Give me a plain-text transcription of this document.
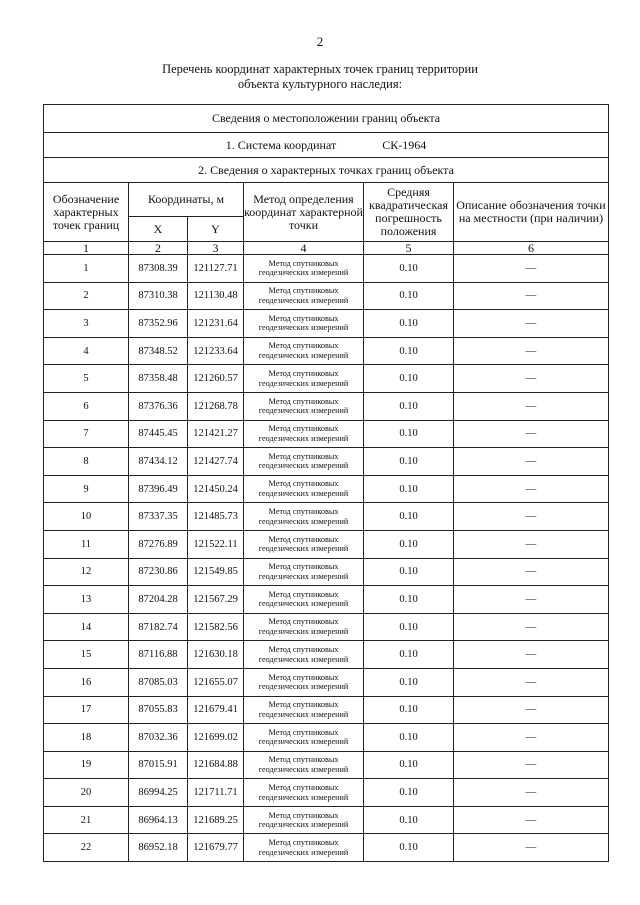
2
Перечень координат характерных точек границ территории
объекта культурного наследия:
Сведения о местоположении границ объекта					
1. Система координат СК-1964					
2. Сведения о характерных точках границ объекта					
Обозначение характерных точек границ	Координаты, м		Метод определения координат характерной точки	Средняя квадратическая погрешность положения	Описание обозначения точки на местности (при наличии)
	X	Y			
1	2	3	4	5	6
1	87308.39	121127.71	Метод спутниковых геодезических измерений	0.10	—
2	87310.38	121130.48	Метод спутниковых геодезических измерений	0.10	—
3	87352.96	121231.64	Метод спутниковых геодезических измерений	0.10	—
4	87348.52	121233.64	Метод спутниковых геодезических измерений	0.10	—
5	87358.48	121260.57	Метод спутниковых геодезических измерений	0.10	—
6	87376.36	121268.78	Метод спутниковых геодезических измерений	0.10	—
7	87445.45	121421.27	Метод спутниковых геодезических измерений	0.10	—
8	87434.12	121427.74	Метод спутниковых геодезических измерений	0.10	—
9	87396.49	121450.24	Метод спутниковых геодезических измерений	0.10	—
10	87337.35	121485.73	Метод спутниковых геодезических измерений	0.10	—
11	87276.89	121522.11	Метод спутниковых геодезических измерений	0.10	—
12	87230.86	121549.85	Метод спутниковых геодезических измерений	0.10	—
13	87204.28	121567.29	Метод спутниковых геодезических измерений	0.10	—
14	87182.74	121582.56	Метод спутниковых геодезических измерений	0.10	—
15	87116.88	121630.18	Метод спутниковых геодезических измерений	0.10	—
16	87085.03	121655.07	Метод спутниковых геодезических измерений	0.10	—
17	87055.83	121679.41	Метод спутниковых геодезических измерений	0.10	—
18	87032.36	121699.02	Метод спутниковых геодезических измерений	0.10	—
19	87015.91	121684.88	Метод спутниковых геодезических измерений	0.10	—
20	86994.25	121711.71	Метод спутниковых геодезических измерений	0.10	—
21	86964.13	121689.25	Метод спутниковых геодезических измерений	0.10	—
22	86952.18	121679.77	Метод спутниковых геодезических измерений	0.10	—
